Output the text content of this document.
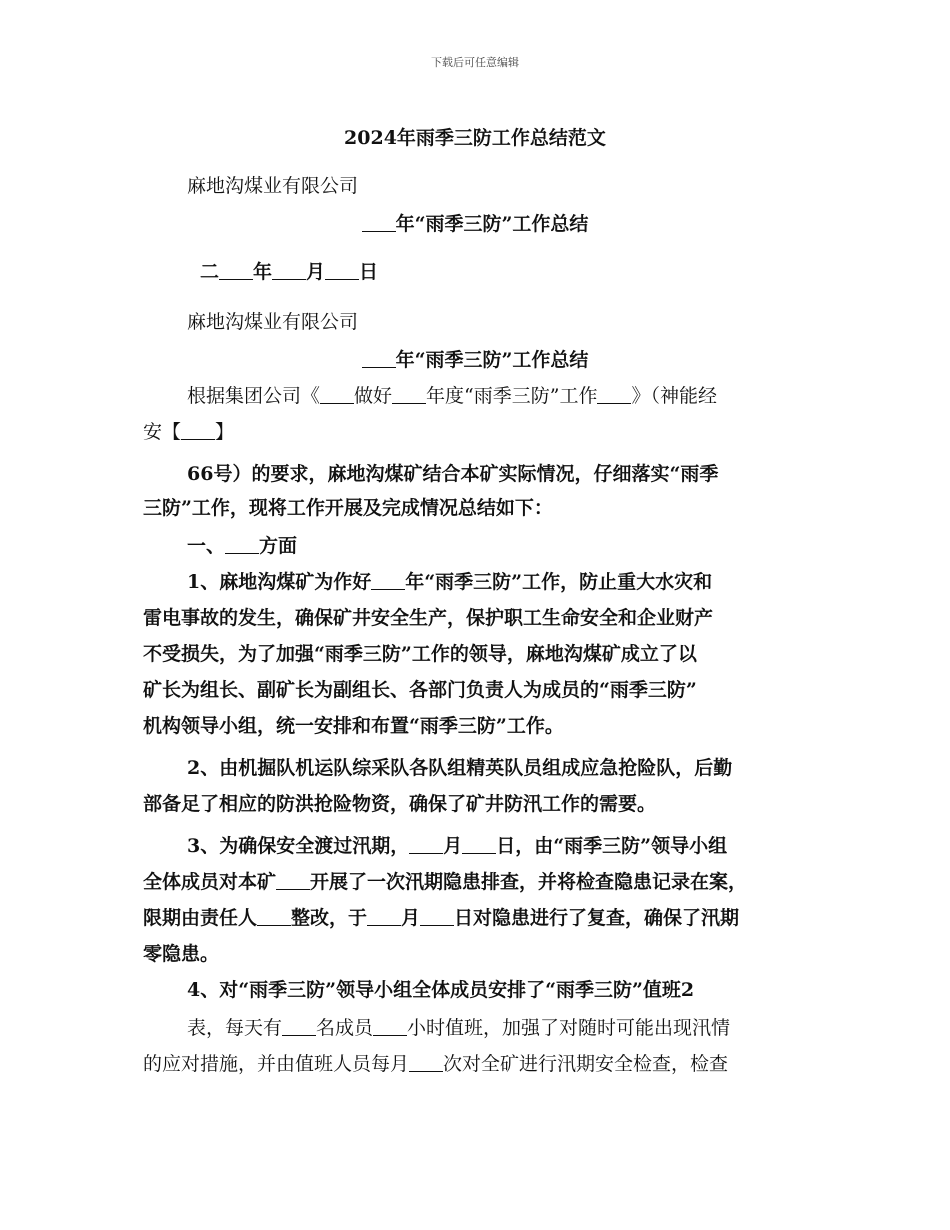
下载后可任意编辑
2024年雨季三防工作总结范文
麻地沟煤业有限公司
年“雨季三防”工作总结
二 年 月 日
麻地沟煤业有限公司
年“雨季三防”工作总结
根据集团公司《 做好 年度“雨季三防”工作 》（神能经
安【 】
66号）的要求，麻地沟煤矿结合本矿实际情况，仔细落实“雨季
三防”工作，现将工作开展及完成情况总结如下：
一、 方面
1、麻地沟煤矿为作好 年“雨季三防”工作，防止重大水灾和
雷电事故的发生，确保矿井安全生产，保护职工生命安全和企业财产
不受损失，为了加强“雨季三防”工作的领导，麻地沟煤矿成立了以
矿长为组长、副矿长为副组长、各部门负责人为成员的“雨季三防”
机构领导小组，统一安排和布置“雨季三防”工作。
2、由机掘队机运队综采队各队组精英队员组成应急抢险队，后勤
部备足了相应的防洪抢险物资，确保了矿井防汛工作的需要。
3、为确保安全渡过汛期， 月 日，由“雨季三防”领导小组
全体成员对本矿 开展了一次汛期隐患排查，并将检查隐患记录在案，
限期由责任人 整改，于 月 日对隐患进行了复查，确保了汛期
零隐患。
4、对“雨季三防”领导小组全体成员安排了“雨季三防”值班2
表，每天有 名成员 小时值班，加强了对随时可能出现汛情
的应对措施，并由值班人员每月 次对全矿进行汛期安全检查，检查
